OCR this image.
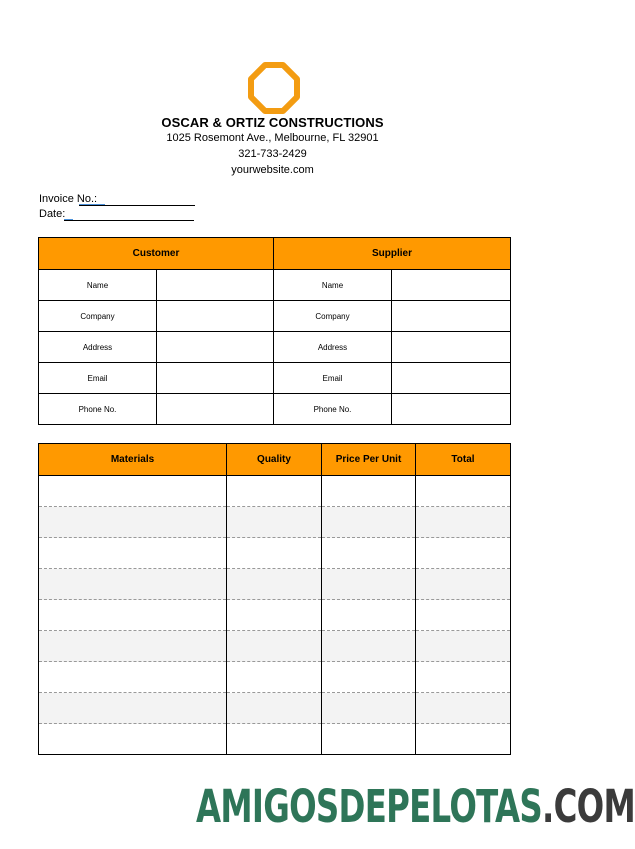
OSCAR & ORTIZ CONSTRUCTIONS
1025 Rosemont Ave., Melbourne, FL 32901
321-733-2429
yourwebsite.com
Invoice No.:
Date:
Customer		Supplier	
Name		Name	
Company		Company	
Address		Address	
Email		Email	
Phone No.		Phone No.	
Materials	Quality	Price Per Unit	Total

AMIGOSDEPELOTAS.COM
